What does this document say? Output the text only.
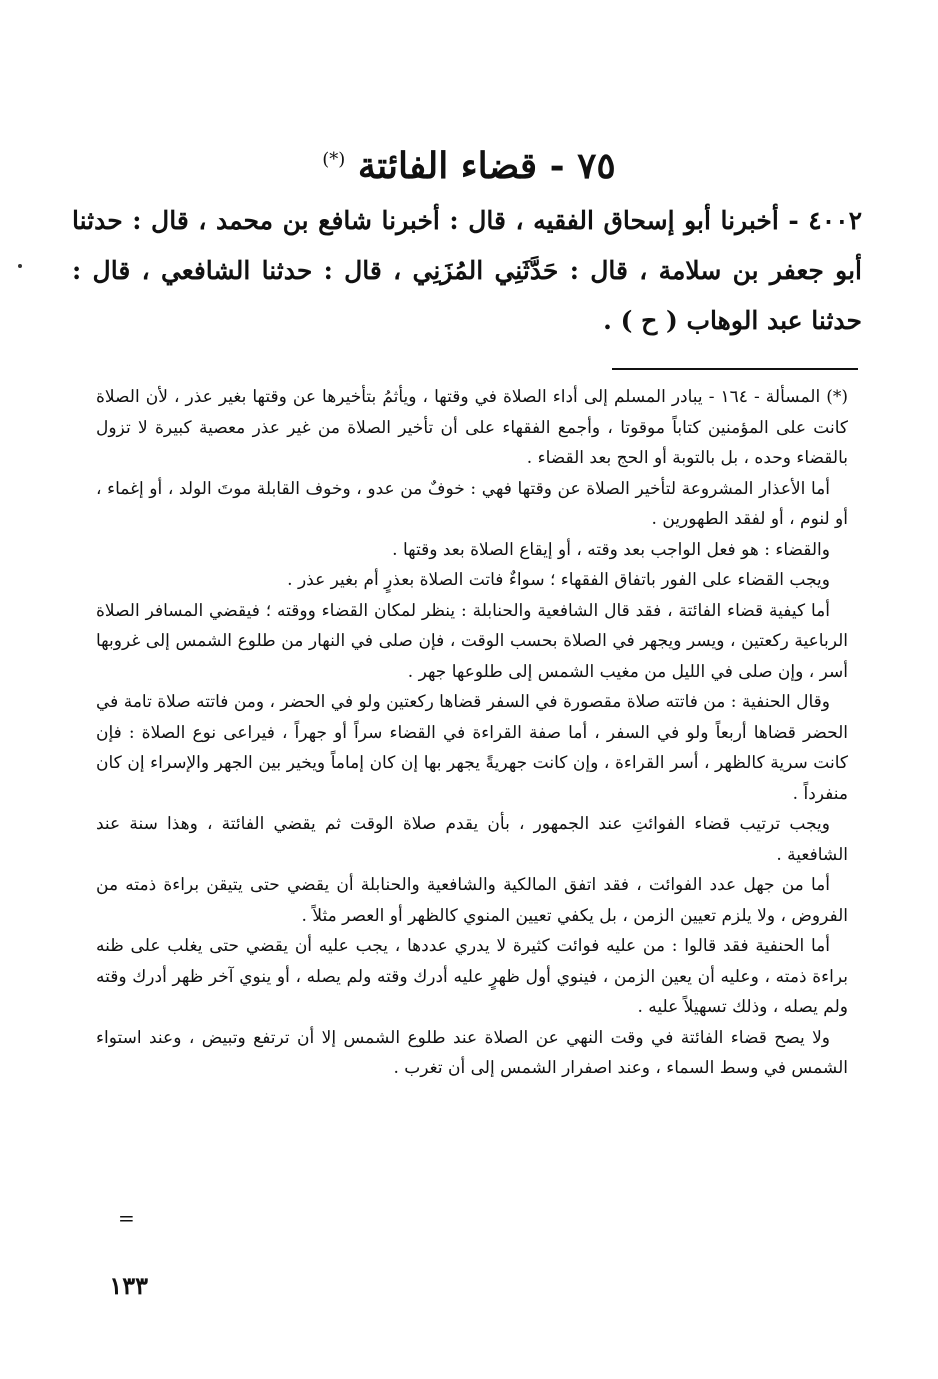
٧٥ - قضاء الفائتة (*)

٤٠٠٢ - أخبرنا أبو إسحاق الفقيه ، قال : أخبرنا شافع بن محمد ، قال : حدثنا أبو جعفر بن سلامة ، قال : حَدَّثَنِي المُزَنِي ، قال : حدثنا الشافعي ، قال : حدثنا عبد الوهاب ( ح ) .

(*) المسألة - ١٦٤ - يبادر المسلم إلى أداء الصلاة في وقتها ، ويأثمُ بتأخيرها عن وقتها بغير عذر ، لأن الصلاة كانت على المؤمنين كتاباً موقوتا ، وأجمع الفقهاء على أن تأخير الصلاة من غير عذر معصية كبيرة لا تزول بالقضاء وحده ، بل بالتوبة أو الحج بعد القضاء .

أما الأعذار المشروعة لتأخير الصلاة عن وقتها فهي : خوفٌ من عدو ، وخوف القابلة موتَ الولد ، أو إغماء ، أو لنوم ، أو لفقد الطهورين .

والقضاء : هو فعل الواجب بعد وقته ، أو إيقاع الصلاة بعد وقتها .

ويجب القضاء على الفور باتفاق الفقهاء ؛ سواءٌ فاتت الصلاة بعذرٍ أم بغير عذر .

أما كيفية قضاء الفائتة ، فقد قال الشافعية والحنابلة : ينظر لمكان القضاء ووقته ؛ فيقضي المسافر الصلاة الرباعية ركعتين ، ويسر ويجهر في الصلاة بحسب الوقت ، فإن صلى في النهار من طلوع الشمس إلى غروبها أسر ، وإن صلى في الليل من مغيب الشمس إلى طلوعها جهر .

وقال الحنفية : من فاتته صلاة مقصورة في السفر قضاها ركعتين ولو في الحضر ، ومن فاتته صلاة تامة في الحضر قضاها أربعاً ولو في السفر ، أما صفة القراءة في القضاء سراً أو جهراً ، فيراعى نوع الصلاة : فإن كانت سرية كالظهر ، أسر القراءة ، وإن كانت جهريةً يجهر بها إن كان إماماً ويخير بين الجهر والإسراء إن كان منفرداً .

ويجب ترتيب قضاء الفوائتِ عند الجمهور ، بأن يقدم صلاة الوقت ثم يقضي الفائتة ، وهذا سنة عند الشافعية .

أما من جهل عدد الفوائت ، فقد اتفق المالكية والشافعية والحنابلة أن يقضي حتى يتيقن براءة ذمته من الفروض ، ولا يلزم تعيين الزمن ، بل يكفي تعيين المنوي كالظهر أو العصر مثلاً .

أما الحنفية فقد قالوا : من عليه فوائت كثيرة لا يدري عددها ، يجب عليه أن يقضي حتى يغلب على ظنه براءة ذمته ، وعليه أن يعين الزمن ، فينوي أول ظهرٍ عليه أدرك وقته ولم يصله ، أو ينوي آخر ظهر أدرك وقته ولم يصله ، وذلك تسهيلاً عليه .

ولا يصح قضاء الفائتة في وقت النهي عن الصلاة عند طلوع الشمس إلا أن ترتفع وتبيض ، وعند استواء الشمس في وسط السماء ، وعند اصفرار الشمس إلى أن تغرب .

=
١٣٣
